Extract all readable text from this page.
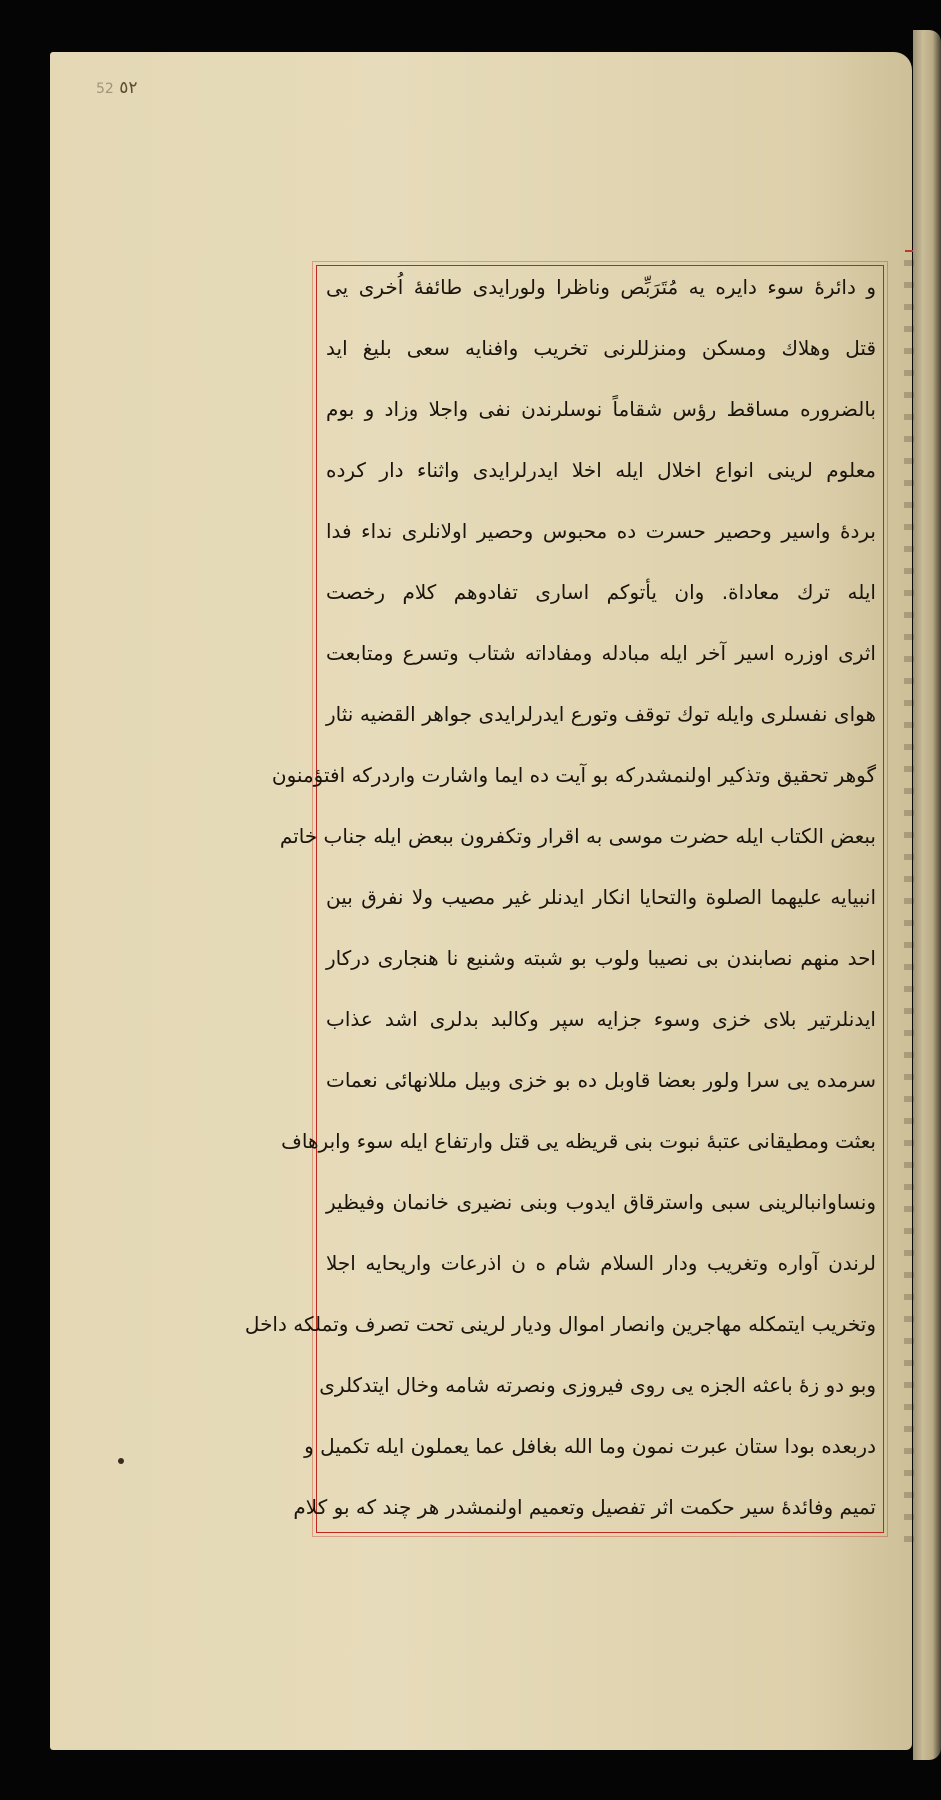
٥٢ 52
و دائرهٔ سوء دایره یه مُتَرَبِّص وناظرا ولورایدی طائفهٔ اُخری یی
قتل وهلاك ومسكن ومنزللرنی تخریب وافنایه سعی بلیغ اید
بالضروره مساقط رؤس شقاماً نوسلرندن نفی واجلا وزاد و بوم
معلوم لرینی انواع اخلال ایله اخلا ایدرلرایدی واثناء دار کرده
بردهٔ واسیر وحصیر حسرت ده محبوس وحصیر اولانلری نداء فدا
ایله ترك معاداة. وان یأتوكم اسارى تفادوهم كلام رخصت
اثری اوزره اسیر آخر ایله مبادله ومفاداته شتاب وتسرع ومتابعت
هوای نفسلری وایله توك توقف وتورع ایدرلرایدی جواهر القضیه نثار
گوهر تحقیق وتذكیر اولنمشدركه بو آیت ده ایما واشارت واردركه افتؤمنون
ببعض الكتاب ایله حضرت موسی به اقرار وتكفرون ببعض ایله جناب خاتم
انبیایه علیهما الصلوة والتحایا انكار ایدنلر غیر مصیب ولا نفرق بین
احد منهم نصابندن بی نصیبا ولوب بو شبته وشنیع نا هنجاری درکار
ایدنلرتیر بلای خزی وسوء جزایه سپر وكالبد بدلری اشد عذاب
سرمده یی سرا ولور بعضا قاوبل ده بو خزی وبیل مللانهائی نعمات
بعثت ومطیقانی عتبهٔ نبوت بنی قریظه یی قتل وارتفاع ایله سوء وابرهاف
ونساوانبالرینی سبی واسترقاق ایدوب وبنی نضیری خانمان وفیظیر
لرندن آواره وتغریب ودار السلام شام ه ن اذرعات واریحایه اجلا
وتخریب ایتمكله مهاجرین وانصار اموال ودیار لرینی تحت تصرف وتملكه داخل
وبو دو زهٔ باعثه الجزه یی روی فیروزی ونصرته شامه وخال ایتدكلری
دربعده بودا ستان عبرت نمون وما الله بغافل عما یعملون ایله تكمیل و
تمیم وفائدهٔ سیر حكمت اثر تفصیل وتعمیم اولنمشدر هر چند كه بو كلام
